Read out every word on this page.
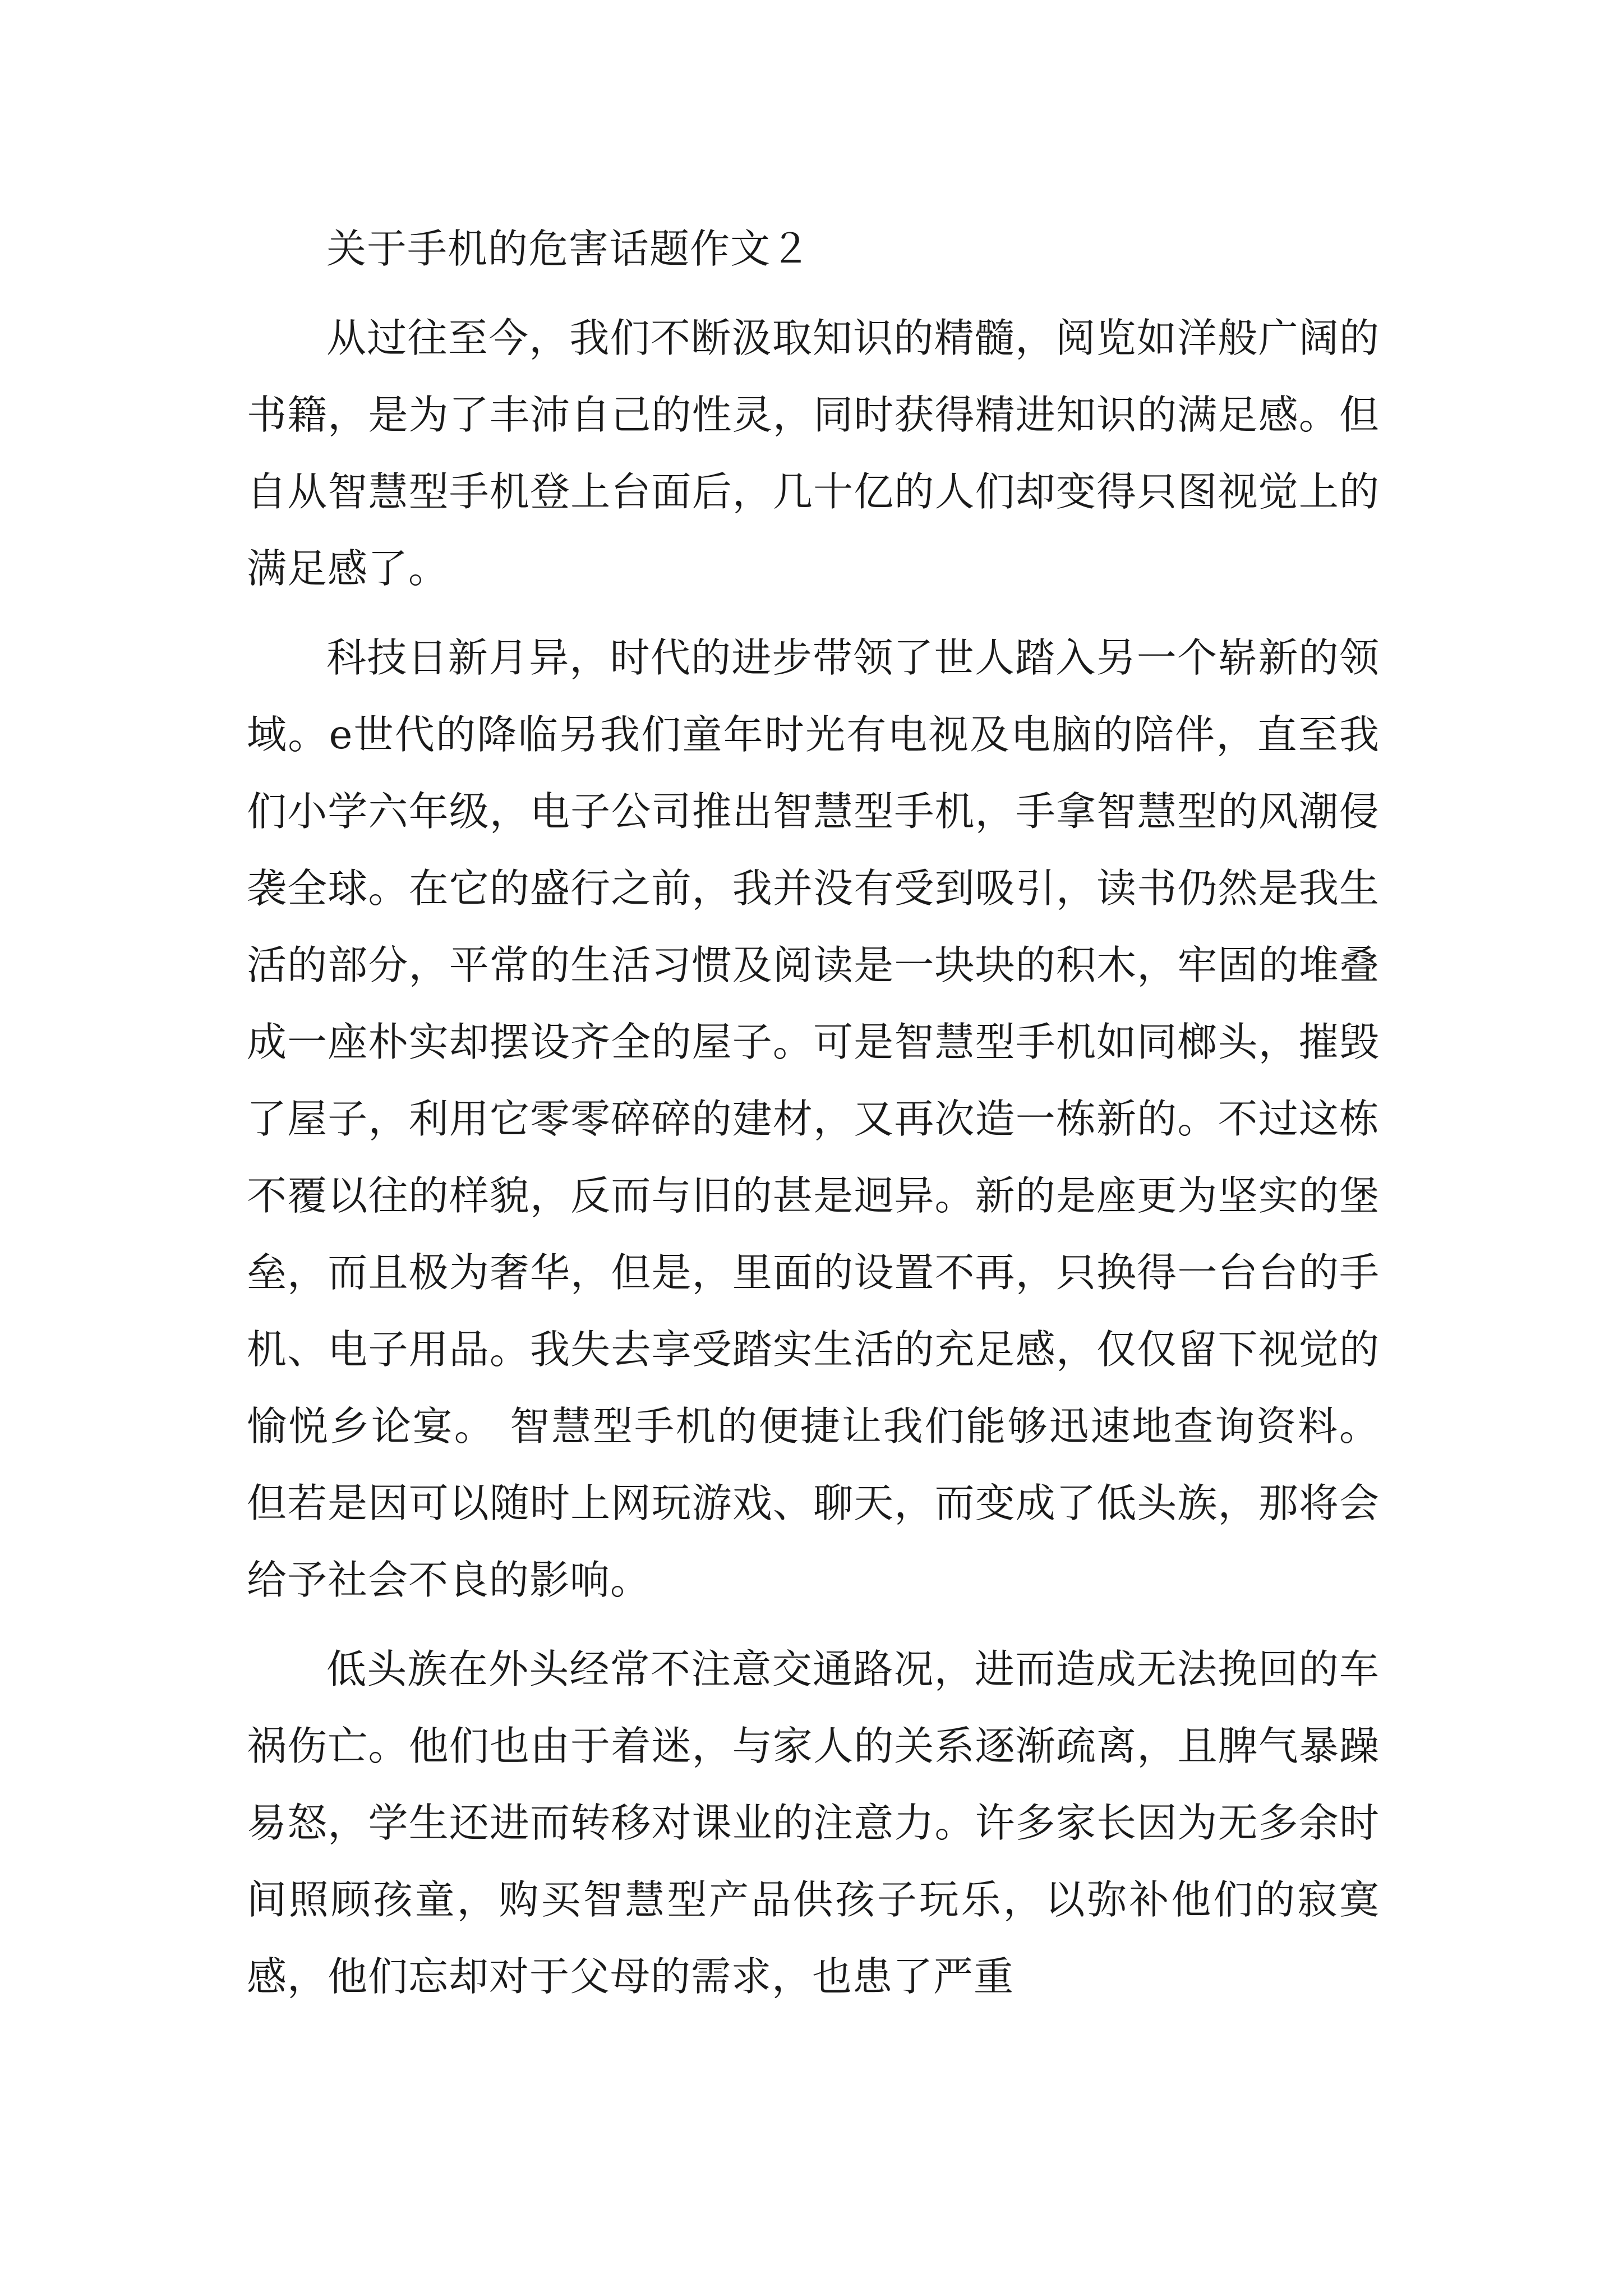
关于手机的危害话题作文２

从过往至今，我们不断汲取知识的精髓，阅览如洋般广阔的书籍，是为了丰沛自己的性灵，同时获得精进知识的满足感。但自从智慧型手机登上台面后，几十亿的人们却变得只图视觉上的满足感了。

科技日新月异，时代的进步带领了世人踏入另一个崭新的领域。e世代的降临另我们童年时光有电视及电脑的陪伴，直至我们小学六年级，电子公司推出智慧型手机，手拿智慧型的风潮侵袭全球。在它的盛行之前，我并没有受到吸引，读书仍然是我生活的部分，平常的生活习惯及阅读是一块块的积木，牢固的堆叠成一座朴实却摆设齐全的屋子。可是智慧型手机如同榔头，摧毁了屋子，利用它零零碎碎的建材，又再次造一栋新的。不过这栋不覆以往的样貌，反而与旧的甚是迥异。新的是座更为坚实的堡垒，而且极为奢华，但是，里面的设置不再，只换得一台台的手机、电子用品。我失去享受踏实生活的充足感，仅仅留下视觉的愉悦乡论宴。 智慧型手机的便捷让我们能够迅速地查询资料。但若是因可以随时上网玩游戏、聊天，而变成了低头族，那将会给予社会不良的影响。

低头族在外头经常不注意交通路况，进而造成无法挽回的车祸伤亡。他们也由于着迷，与家人的关系逐渐疏离，且脾气暴躁易怒，学生还进而转移对课业的注意力。许多家长因为无多余时间照顾孩童，购买智慧型产品供孩子玩乐，以弥补他们的寂寞感，他们忘却对于父母的需求，也患了严重
